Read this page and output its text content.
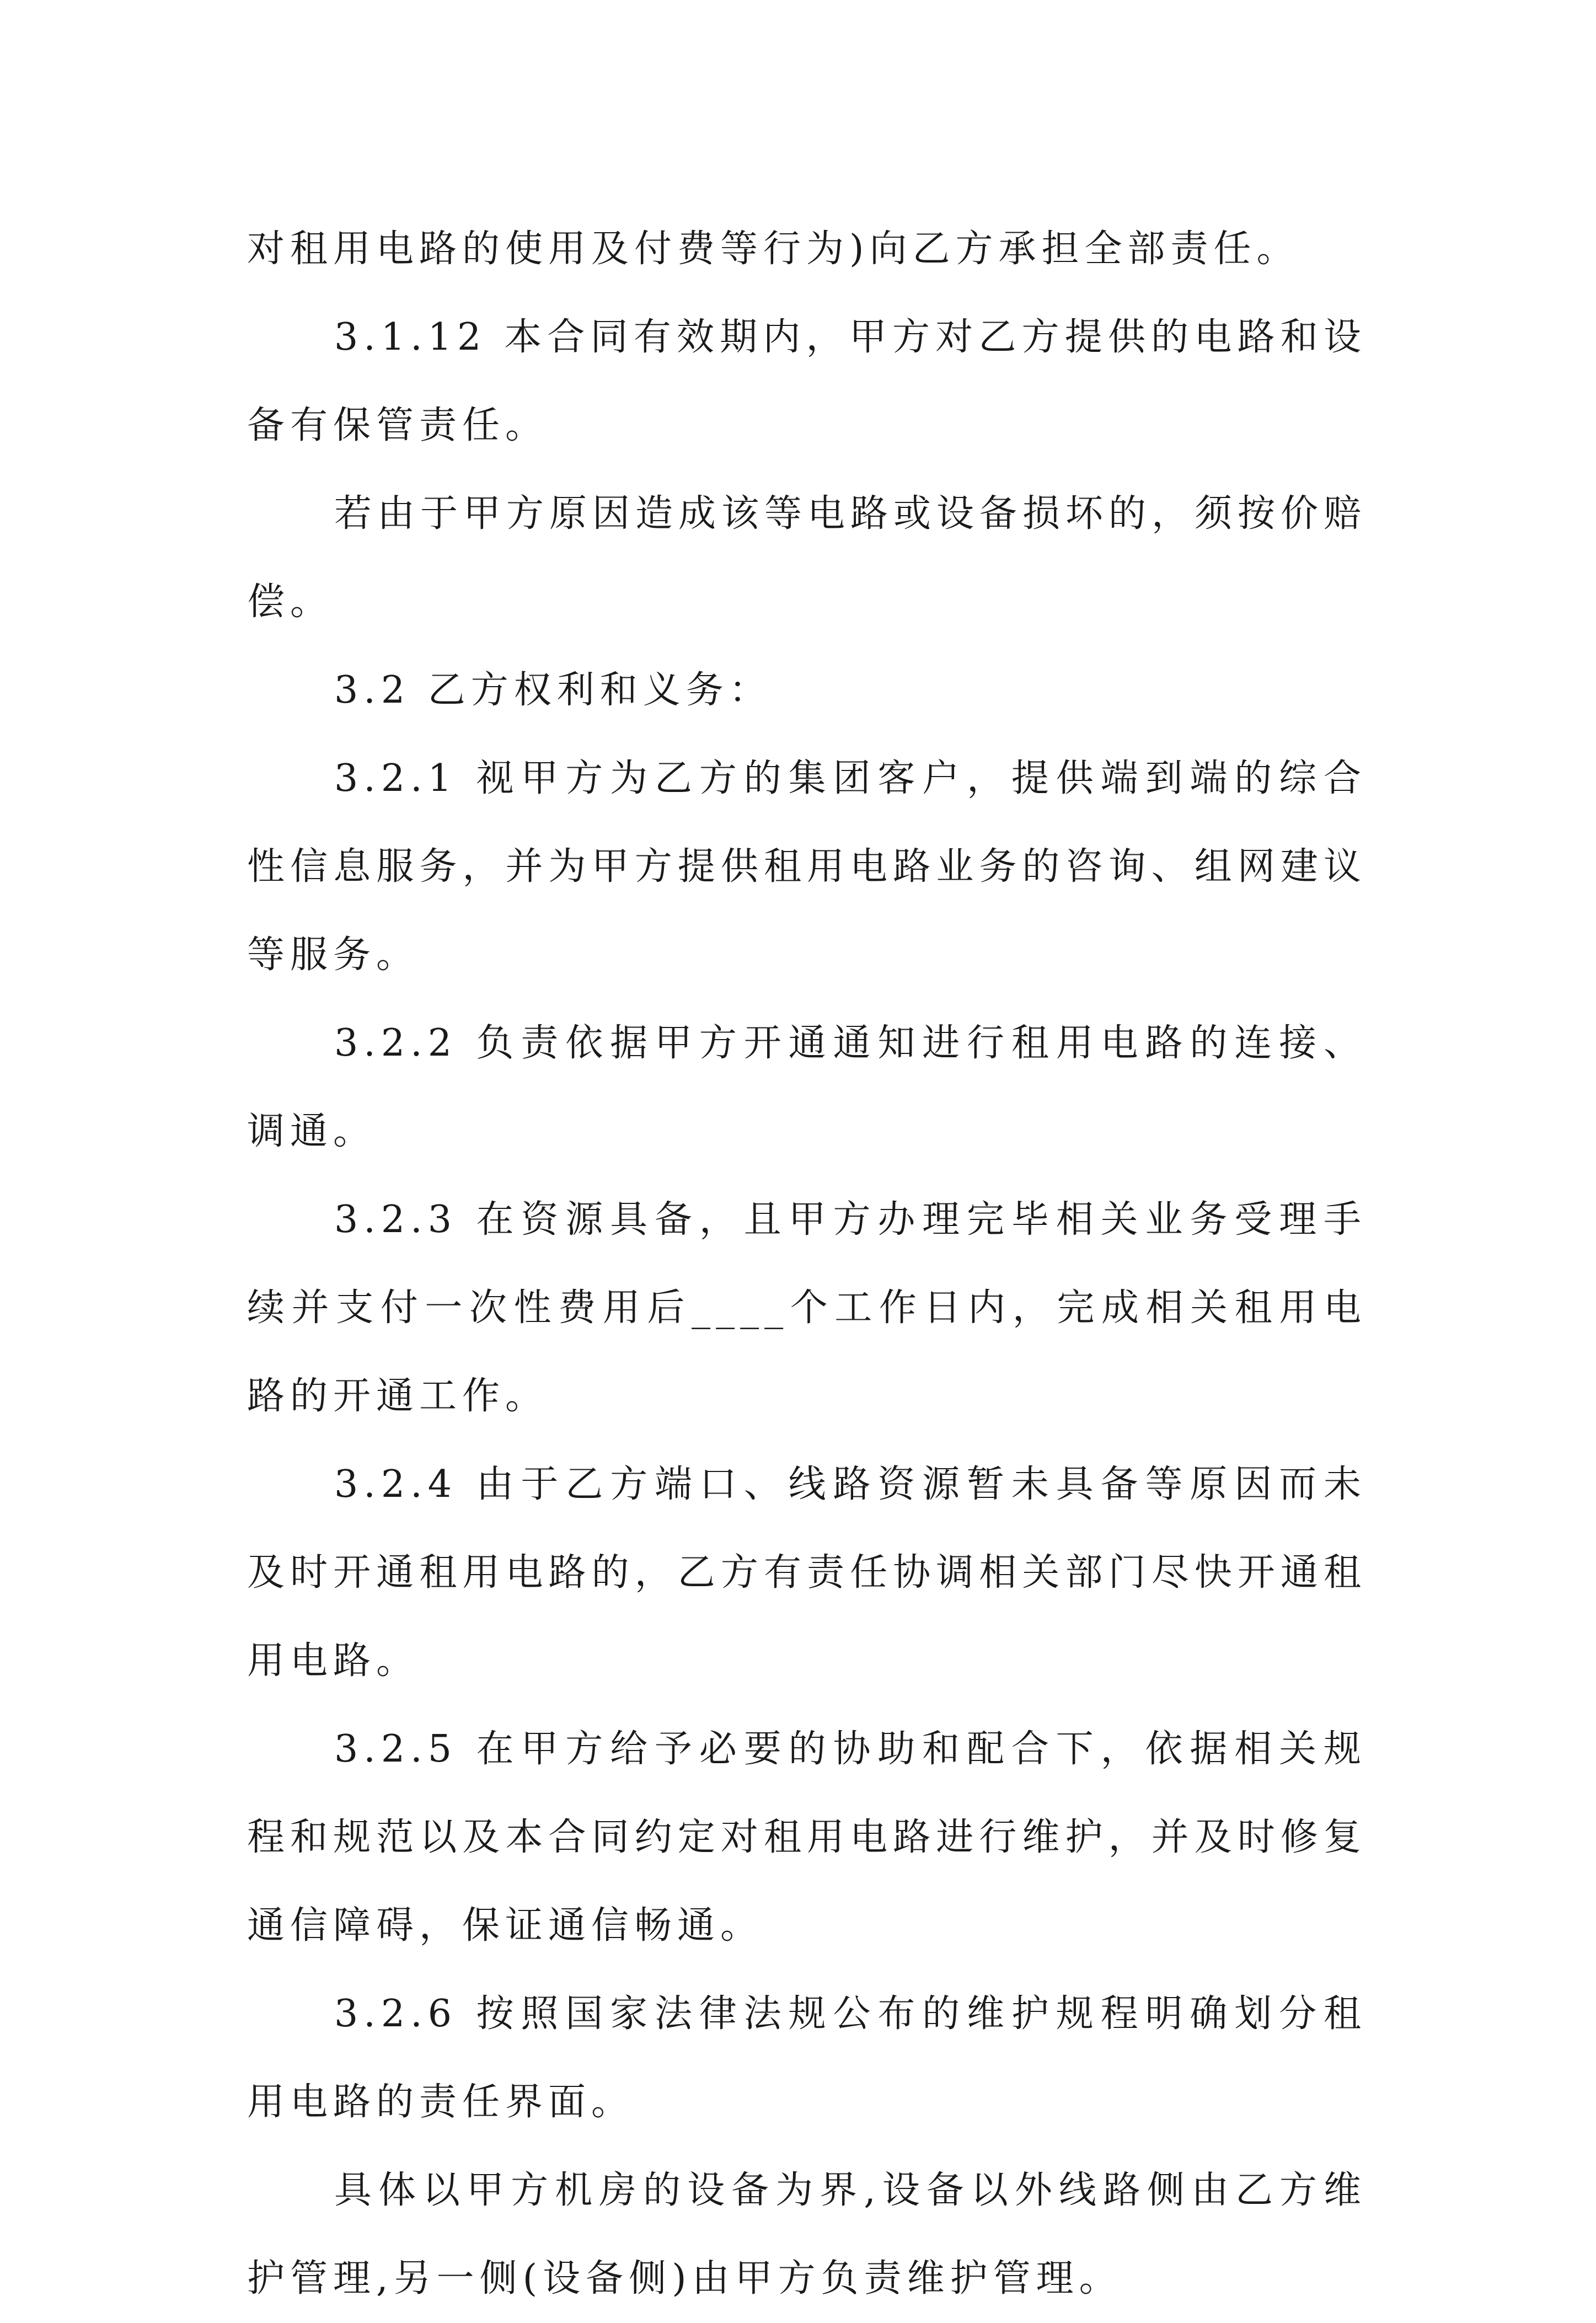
对租用电路的使用及付费等行为)向乙方承担全部责任。

3.1.12 本合同有效期内，甲方对乙方提供的电路和设备有保管责任。

若由于甲方原因造成该等电路或设备损坏的，须按价赔偿。

3.2 乙方权利和义务：

3.2.1 视甲方为乙方的集团客户，提供端到端的综合性信息服务，并为甲方提供租用电路业务的咨询、组网建议等服务。

3.2.2 负责依据甲方开通通知进行租用电路的连接、调通。

3.2.3 在资源具备，且甲方办理完毕相关业务受理手续并支付一次性费用后____个工作日内，完成相关租用电路的开通工作。

3.2.4 由于乙方端口、线路资源暂未具备等原因而未及时开通租用电路的，乙方有责任协调相关部门尽快开通租用电路。

3.2.5 在甲方给予必要的协助和配合下，依据相关规程和规范以及本合同约定对租用电路进行维护，并及时修复通信障碍，保证通信畅通。

3.2.6 按照国家法律法规公布的维护规程明确划分租用电路的责任界面。

具体以甲方机房的设备为界,设备以外线路侧由乙方维护管理,另一侧(设备侧)由甲方负责维护管理。
